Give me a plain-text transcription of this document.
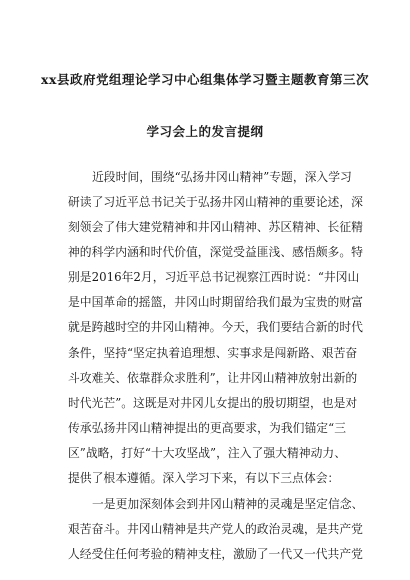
xx县政府党组理论学习中心组集体学习暨主题教育第三次
学习会上的发言提纲
近段时间，围绕“弘扬井冈山精神”专题，深入学习
研读了习近平总书记关于弘扬井冈山精神的重要论述，深
刻领会了伟大建党精神和井冈山精神、苏区精神、长征精
神的科学内涵和时代价值，深觉受益匪浅、感悟颇多。特
别是2016年2月，习近平总书记视察江西时说：“井冈山
是中国革命的摇篮，井冈山时期留给我们最为宝贵的财富
就是跨越时空的井冈山精神。今天，我们要结合新的时代
条件，坚持“坚定执着追理想、实事求是闯新路、艰苦奋
斗攻难关、依靠群众求胜利”，让井冈山精神放射出新的
时代光芒”。这既是对井冈儿女提出的殷切期望，也是对
传承弘扬井冈山精神提出的更高要求，为我们锚定“三
区”战略，打好“十大攻坚战”，注入了强大精神动力、
提供了根本遵循。深入学习下来，有以下三点体会：
一是更加深刻体会到井冈山精神的灵魂是坚定信念、
艰苦奋斗。井冈山精神是共产党人的政治灵魂，是共产党
人经受住任何考验的精神支柱，激励了一代又一代共产党
